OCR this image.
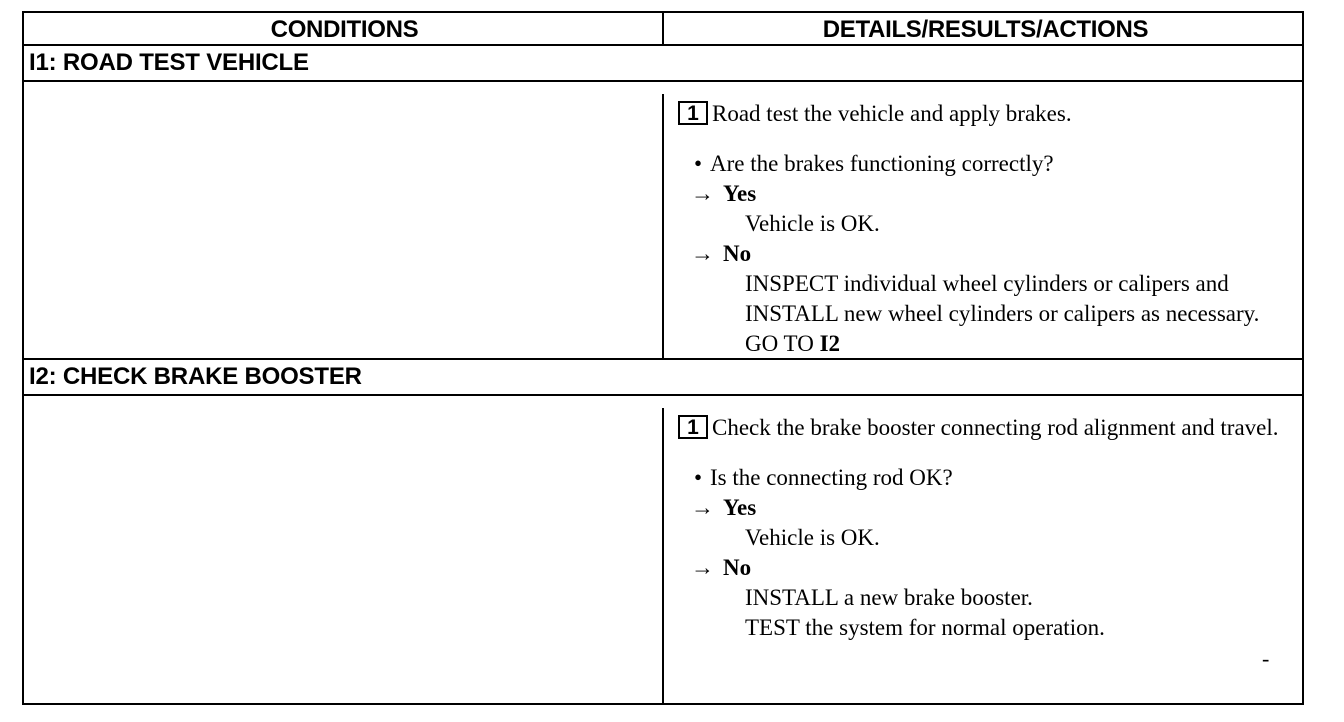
CONDITIONS	DETAILS/RESULTS/ACTIONS
I1: ROAD TEST VEHICLE
1 Road test the vehicle and apply brakes.
• Are the brakes functioning correctly?
→ Yes
Vehicle is OK.
→ No
INSPECT individual wheel cylinders or calipers and INSTALL new wheel cylinders or calipers as necessary. GO TO I2
I2: CHECK BRAKE BOOSTER
1 Check the brake booster connecting rod alignment and travel.
• Is the connecting rod OK?
→ Yes
Vehicle is OK.
→ No
INSTALL a new brake booster.
TEST the system for normal operation.
-
